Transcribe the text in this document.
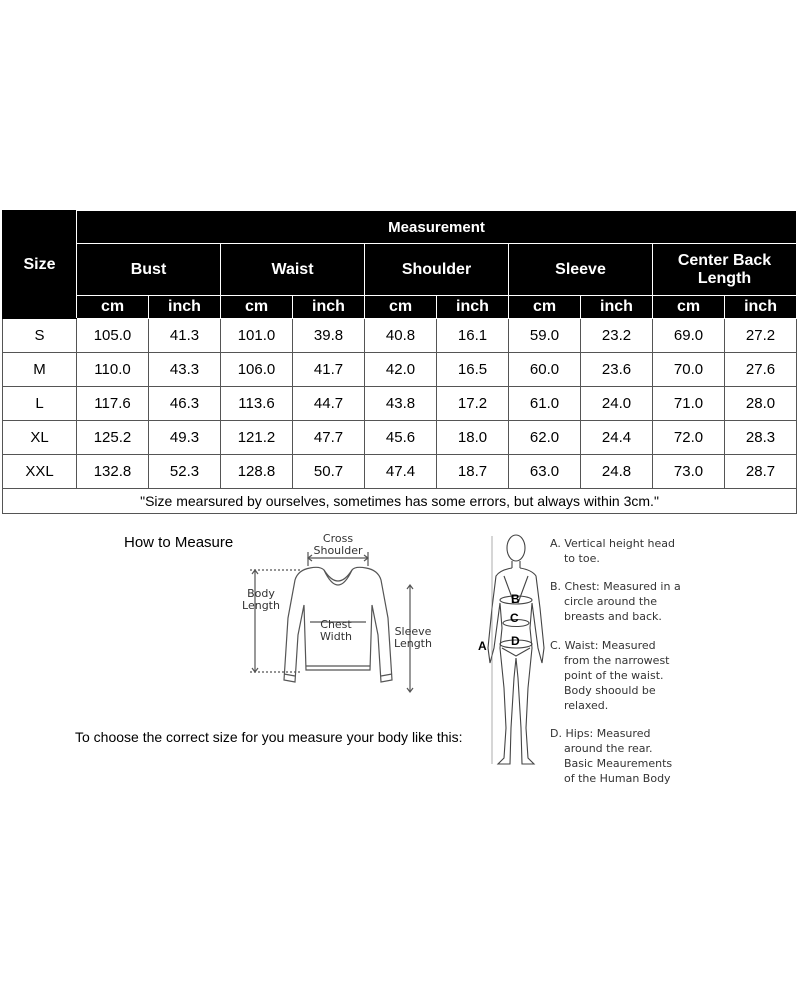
Size	Measurement									
	Bust		Waist		Shoulder		Sleeve		Center Back
Length	
	cm	inch	cm	inch	cm	inch	cm	inch	cm	inch
S	105.0	41.3	101.0	39.8	40.8	16.1	59.0	23.2	69.0	27.2
M	110.0	43.3	106.0	41.7	42.0	16.5	60.0	23.6	70.0	27.6
L	117.6	46.3	113.6	44.7	43.8	17.2	61.0	24.0	71.0	28.0
XL	125.2	49.3	121.2	47.7	45.6	18.0	62.0	24.4	72.0	28.3
XXL	132.8	52.3	128.8	50.7	47.4	18.7	63.0	24.8	73.0	28.7
"Size mearsured by ourselves, sometimes has some errors, but always within 3cm."										
How to Measure
To choose the correct size for you measure your body like this:
Cross
Shoulder
Body
Length
Chest
Width	Sleeve
Length	A
B
C
D
A. Vertical height head
to toe.
B. Chest: Measured in a
circle around the
breasts and back.
C. Waist: Measured
from the narrowest
point of the waist.
Body shoould be
relaxed.
D. Hips: Measured
around the rear.
Basic Meaurements
of the Human Body
